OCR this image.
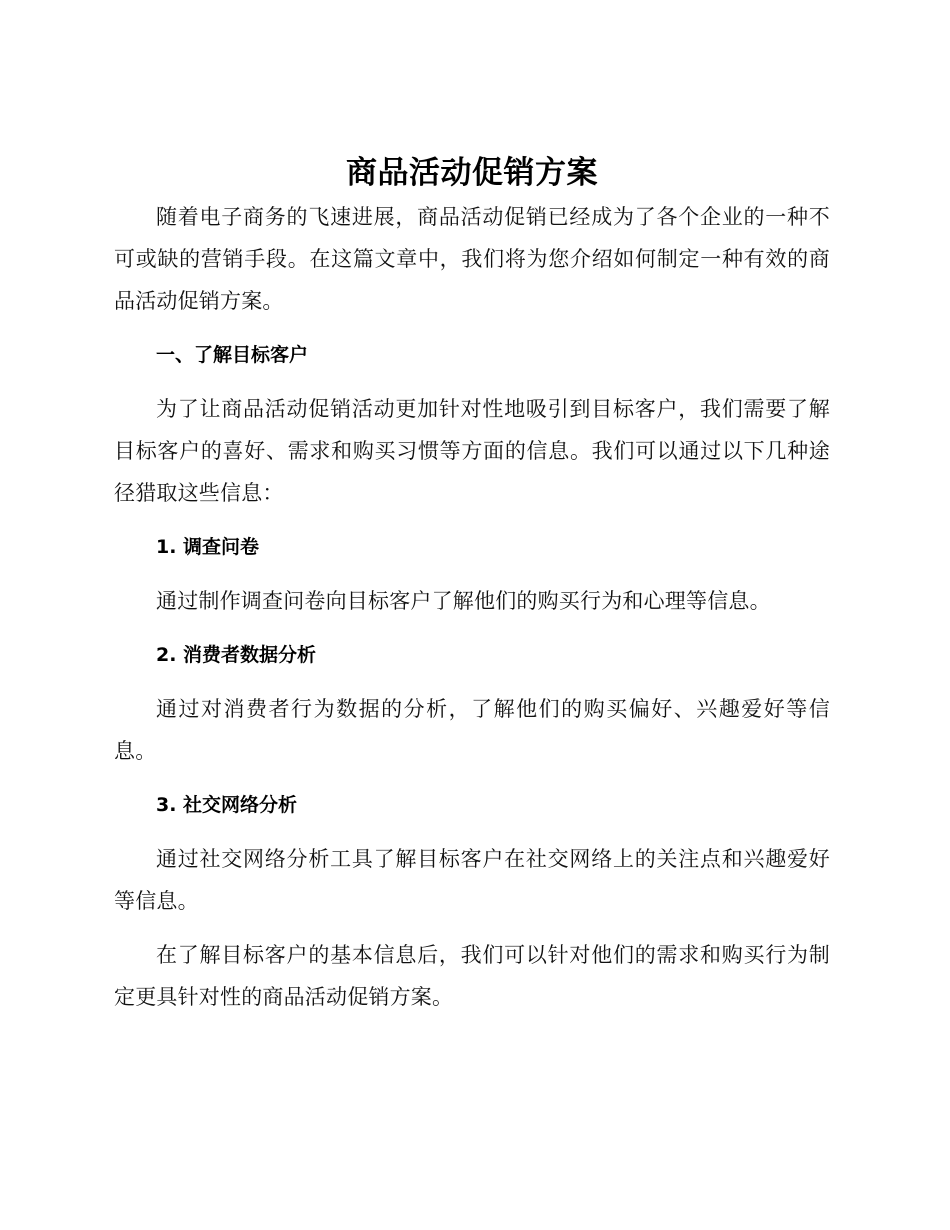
商品活动促销方案

随着电子商务的飞速进展，商品活动促销已经成为了各个企业的一种不可或缺的营销手段。在这篇文章中，我们将为您介绍如何制定一种有效的商品活动促销方案。

一、了解目标客户

为了让商品活动促销活动更加针对性地吸引到目标客户，我们需要了解目标客户的喜好、需求和购买习惯等方面的信息。我们可以通过以下几种途径猎取这些信息：

1. 调查问卷

通过制作调查问卷向目标客户了解他们的购买行为和心理等信息。

2. 消费者数据分析

通过对消费者行为数据的分析，了解他们的购买偏好、兴趣爱好等信息。

3. 社交网络分析

通过社交网络分析工具了解目标客户在社交网络上的关注点和兴趣爱好等信息。

在了解目标客户的基本信息后，我们可以针对他们的需求和购买行为制定更具针对性的商品活动促销方案。
